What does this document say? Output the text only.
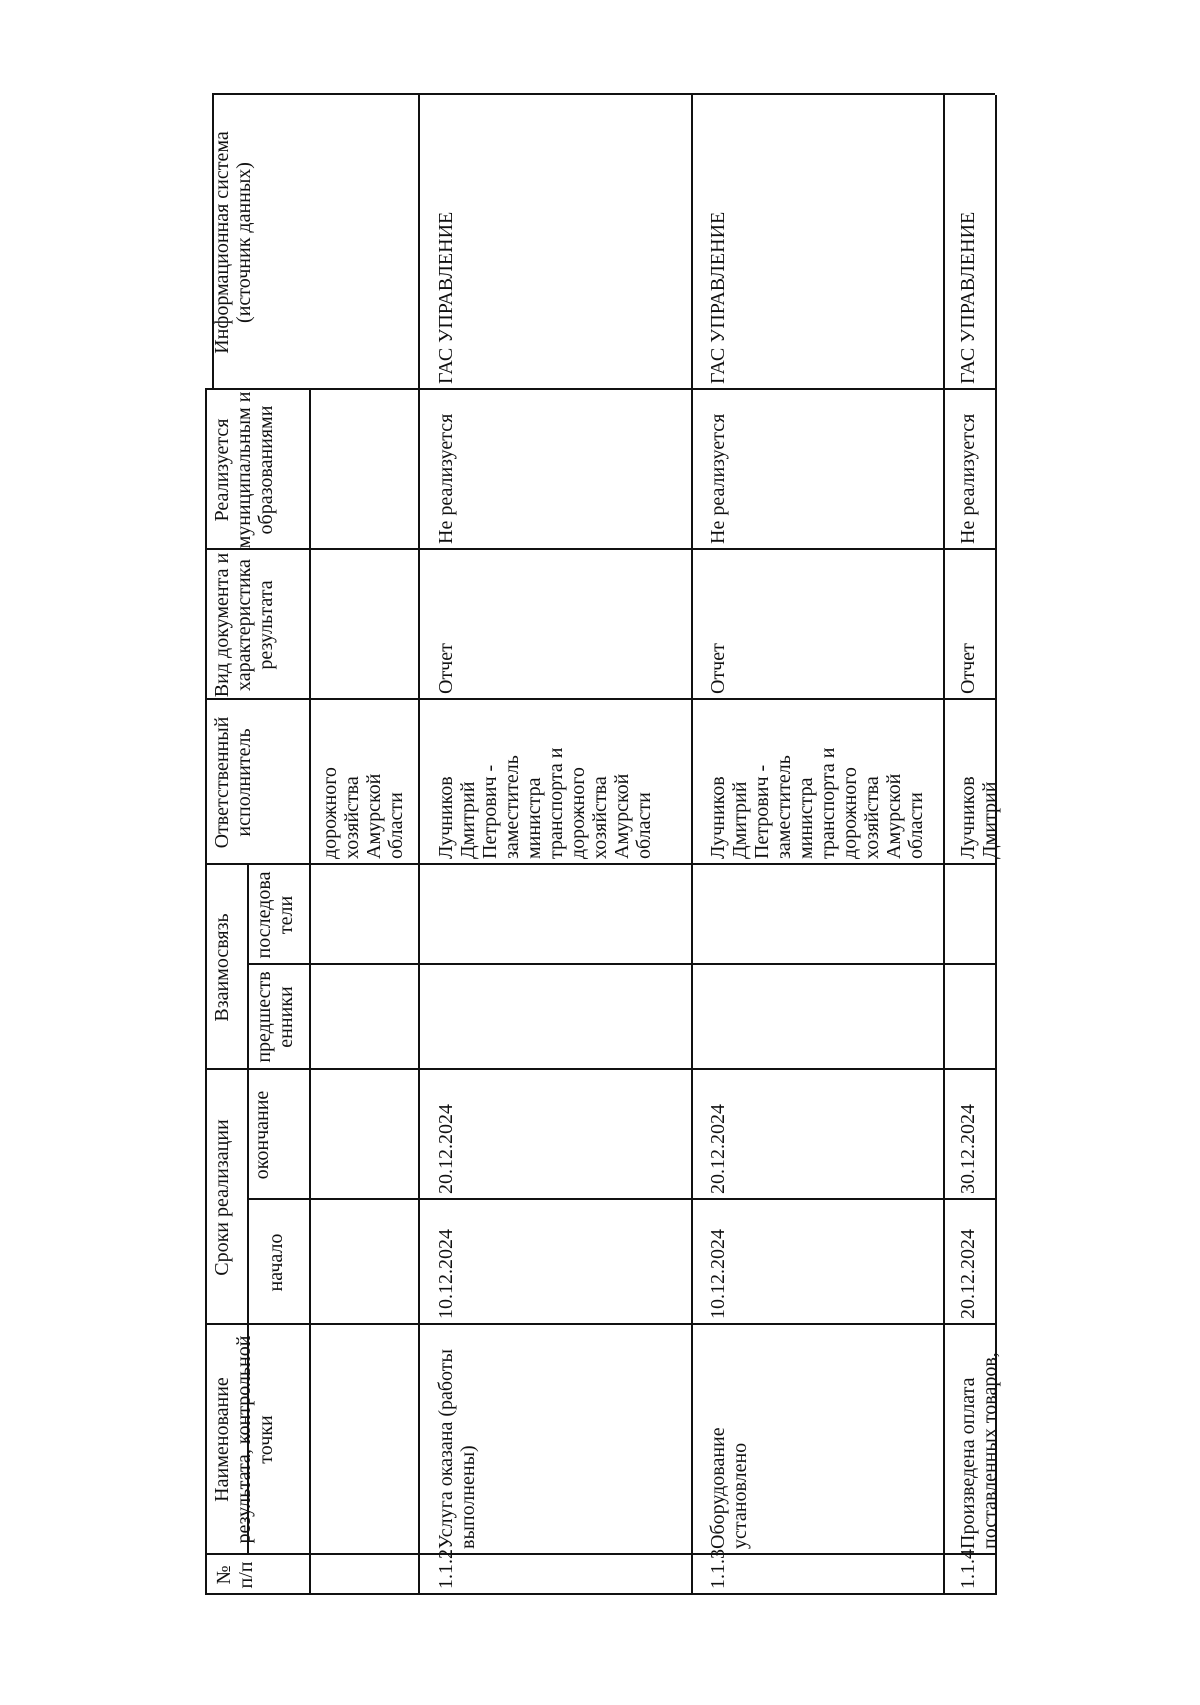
№ п/п
Наименование результата, контрольной точки
Сроки реализации начало
окончание
Взаимосвязь предшеств енники
последова тели
Ответственный исполнитель
Вид документа и характеристика результата
Реализуется муниципальным и образованиями
Информационная система (источник данных)
дорожного хозяйства Амурской области
1.1.2
Услуга оказана (работы выполнены)
10.12.2024
20.12.2024
Лучников Дмитрий Петрович - заместитель министра транспорта и дорожного хозяйства Амурской области
Отчет
Не реализуется
ГАС УПРАВЛЕНИЕ
1.1.3
Оборудование установлено
10.12.2024
20.12.2024
Лучников Дмитрий Петрович - заместитель министра транспорта и дорожного хозяйства Амурской области
Отчет
Не реализуется
ГАС УПРАВЛЕНИЕ
1.1.4
Произведена оплата поставленных товаров,
20.12.2024
30.12.2024
Лучников Дмитрий
Отчет
Не реализуется
ГАС УПРАВЛЕНИЕ
